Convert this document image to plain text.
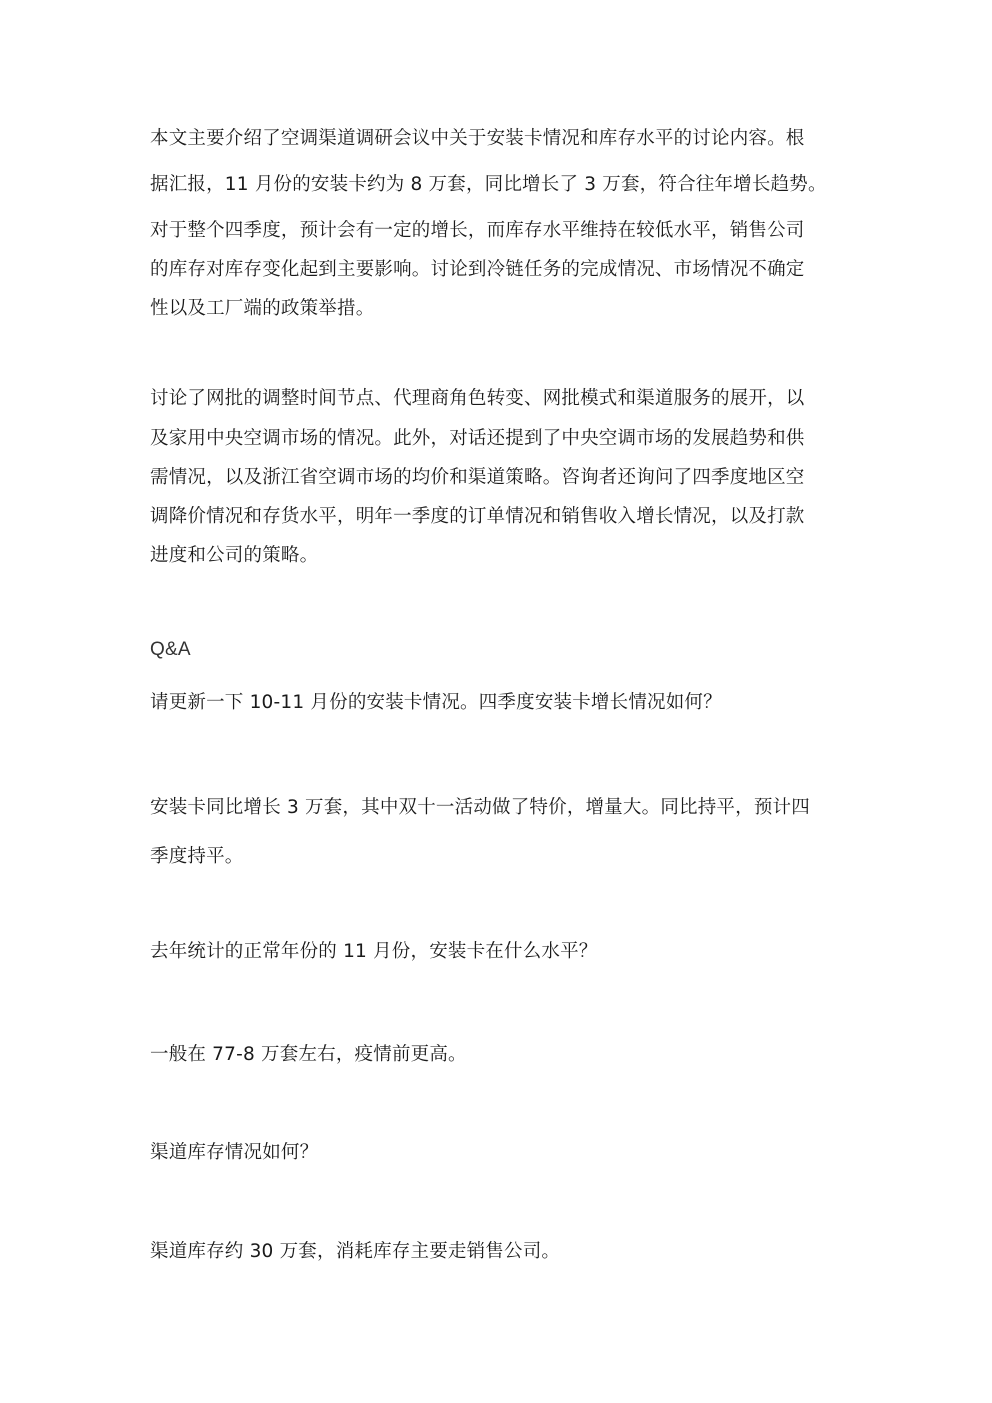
本文主要介绍了空调渠道调研会议中关于安装卡情况和库存水平的讨论内容。根
据汇报，11 月份的安装卡约为 8 万套，同比增长了 3 万套，符合往年增长趋势。
对于整个四季度，预计会有一定的增长，而库存水平维持在较低水平，销售公司
的库存对库存变化起到主要影响。讨论到冷链任务的完成情况、市场情况不确定
性以及工厂端的政策举措。
讨论了网批的调整时间节点、代理商角色转变、网批模式和渠道服务的展开，以
及家用中央空调市场的情况。此外，对话还提到了中央空调市场的发展趋势和供
需情况，以及浙江省空调市场的均价和渠道策略。咨询者还询问了四季度地区空
调降价情况和存货水平，明年一季度的订单情况和销售收入增长情况，以及打款
进度和公司的策略。
Q&A
请更新一下 10-11 月份的安装卡情况。四季度安装卡增长情况如何？
安装卡同比增长 3 万套，其中双十一活动做了特价，增量大。同比持平，预计四
季度持平。
去年统计的正常年份的 11 月份，安装卡在什么水平？
一般在 77-8 万套左右，疫情前更高。
渠道库存情况如何？
渠道库存约 30 万套，消耗库存主要走销售公司。
